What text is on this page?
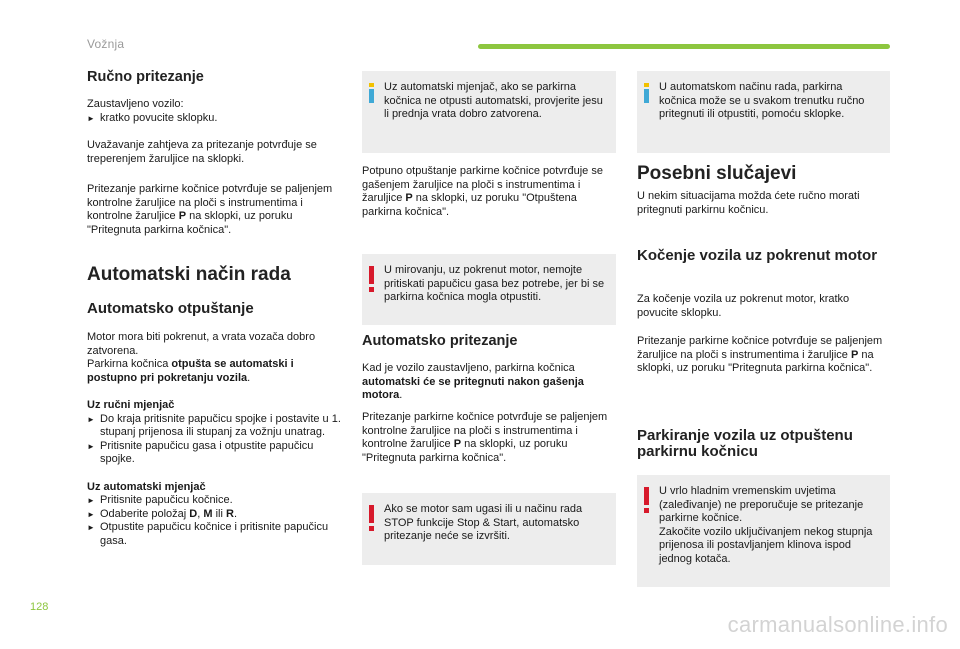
Vožnja
Ručno pritezanje

Zaustavljeno vozilo:

► kratko povucite sklopku.

Uvažavanje zahtjeva za pritezanje potvrđuje se treperenjem žaruljice na sklopki.

Pritezanje parkirne kočnice potvrđuje se paljenjem kontrolne žaruljice na ploči s instrumentima i kontrolne žaruljice P na sklopki, uz poruku "Pritegnuta parkirna kočnica".

Automatski način rada
Automatsko otpuštanje

Motor mora biti pokrenut, a vrata vozača dobro zatvorena.
Parkirna kočnica otpušta se automatski i postupno pri pokretanju vozila.

Uz ručni mjenjač

► Do kraja pritisnite papučicu spojke i postavite u 1. stupanj prijenosa ili stupanj za vožnju unatrag.
► Pritisnite papučicu gasa i otpustite papučicu spojke.

Uz automatski mjenjač

► Pritisnite papučicu kočnice.
► Odaberite položaj D, M ili R.
► Otpustite papučicu kočnice i pritisnite papučicu gasa.

Uz automatski mjenjač, ako se parkirna kočnica ne otpusti automatski, provjerite jesu li prednja vrata dobro zatvorena.

Potpuno otpuštanje parkirne kočnice potvrđuje se gašenjem žaruljice na ploči s instrumentima i žaruljice P na sklopki, uz poruku "Otpuštena parkirna kočnica".

U mirovanju, uz pokrenut motor, nemojte pritiskati papučicu gasa bez potrebe, jer bi se parkirna kočnica mogla otpustiti.

Automatsko pritezanje

Kad je vozilo zaustavljeno, parkirna kočnica automatski će se pritegnuti nakon gašenja motora.

Pritezanje parkirne kočnice potvrđuje se paljenjem kontrolne žaruljice na ploči s instrumentima i kontrolne žaruljice P na sklopki, uz poruku "Pritegnuta parkirna kočnica".

Ako se motor sam ugasi ili u načinu rada STOP funkcije Stop & Start, automatsko pritezanje neće se izvršiti.

U automatskom načinu rada, parkirna kočnica može se u svakom trenutku ručno pritegnuti ili otpustiti, pomoću sklopke.

Posebni slučajevi

U nekim situacijama možda ćete ručno morati pritegnuti parkirnu kočnicu.

Kočenje vozila uz pokrenut motor

Za kočenje vozila uz pokrenut motor, kratko povucite sklopku.

Pritezanje parkirne kočnice potvrđuje se paljenjem žaruljice na ploči s instrumentima i žaruljice P na sklopki, uz poruku "Pritegnuta parkirna kočnica".

Parkiranje vozila uz otpuštenu parkirnu kočnicu

U vrlo hladnim vremenskim uvjetima (zaleđivanje) ne preporučuje se pritezanje parkirne kočnice.

Zakočite vozilo uključivanjem nekog stupnja prijenosa ili postavljanjem klinova ispod jednog kotača.

128
carmanualsonline.info
